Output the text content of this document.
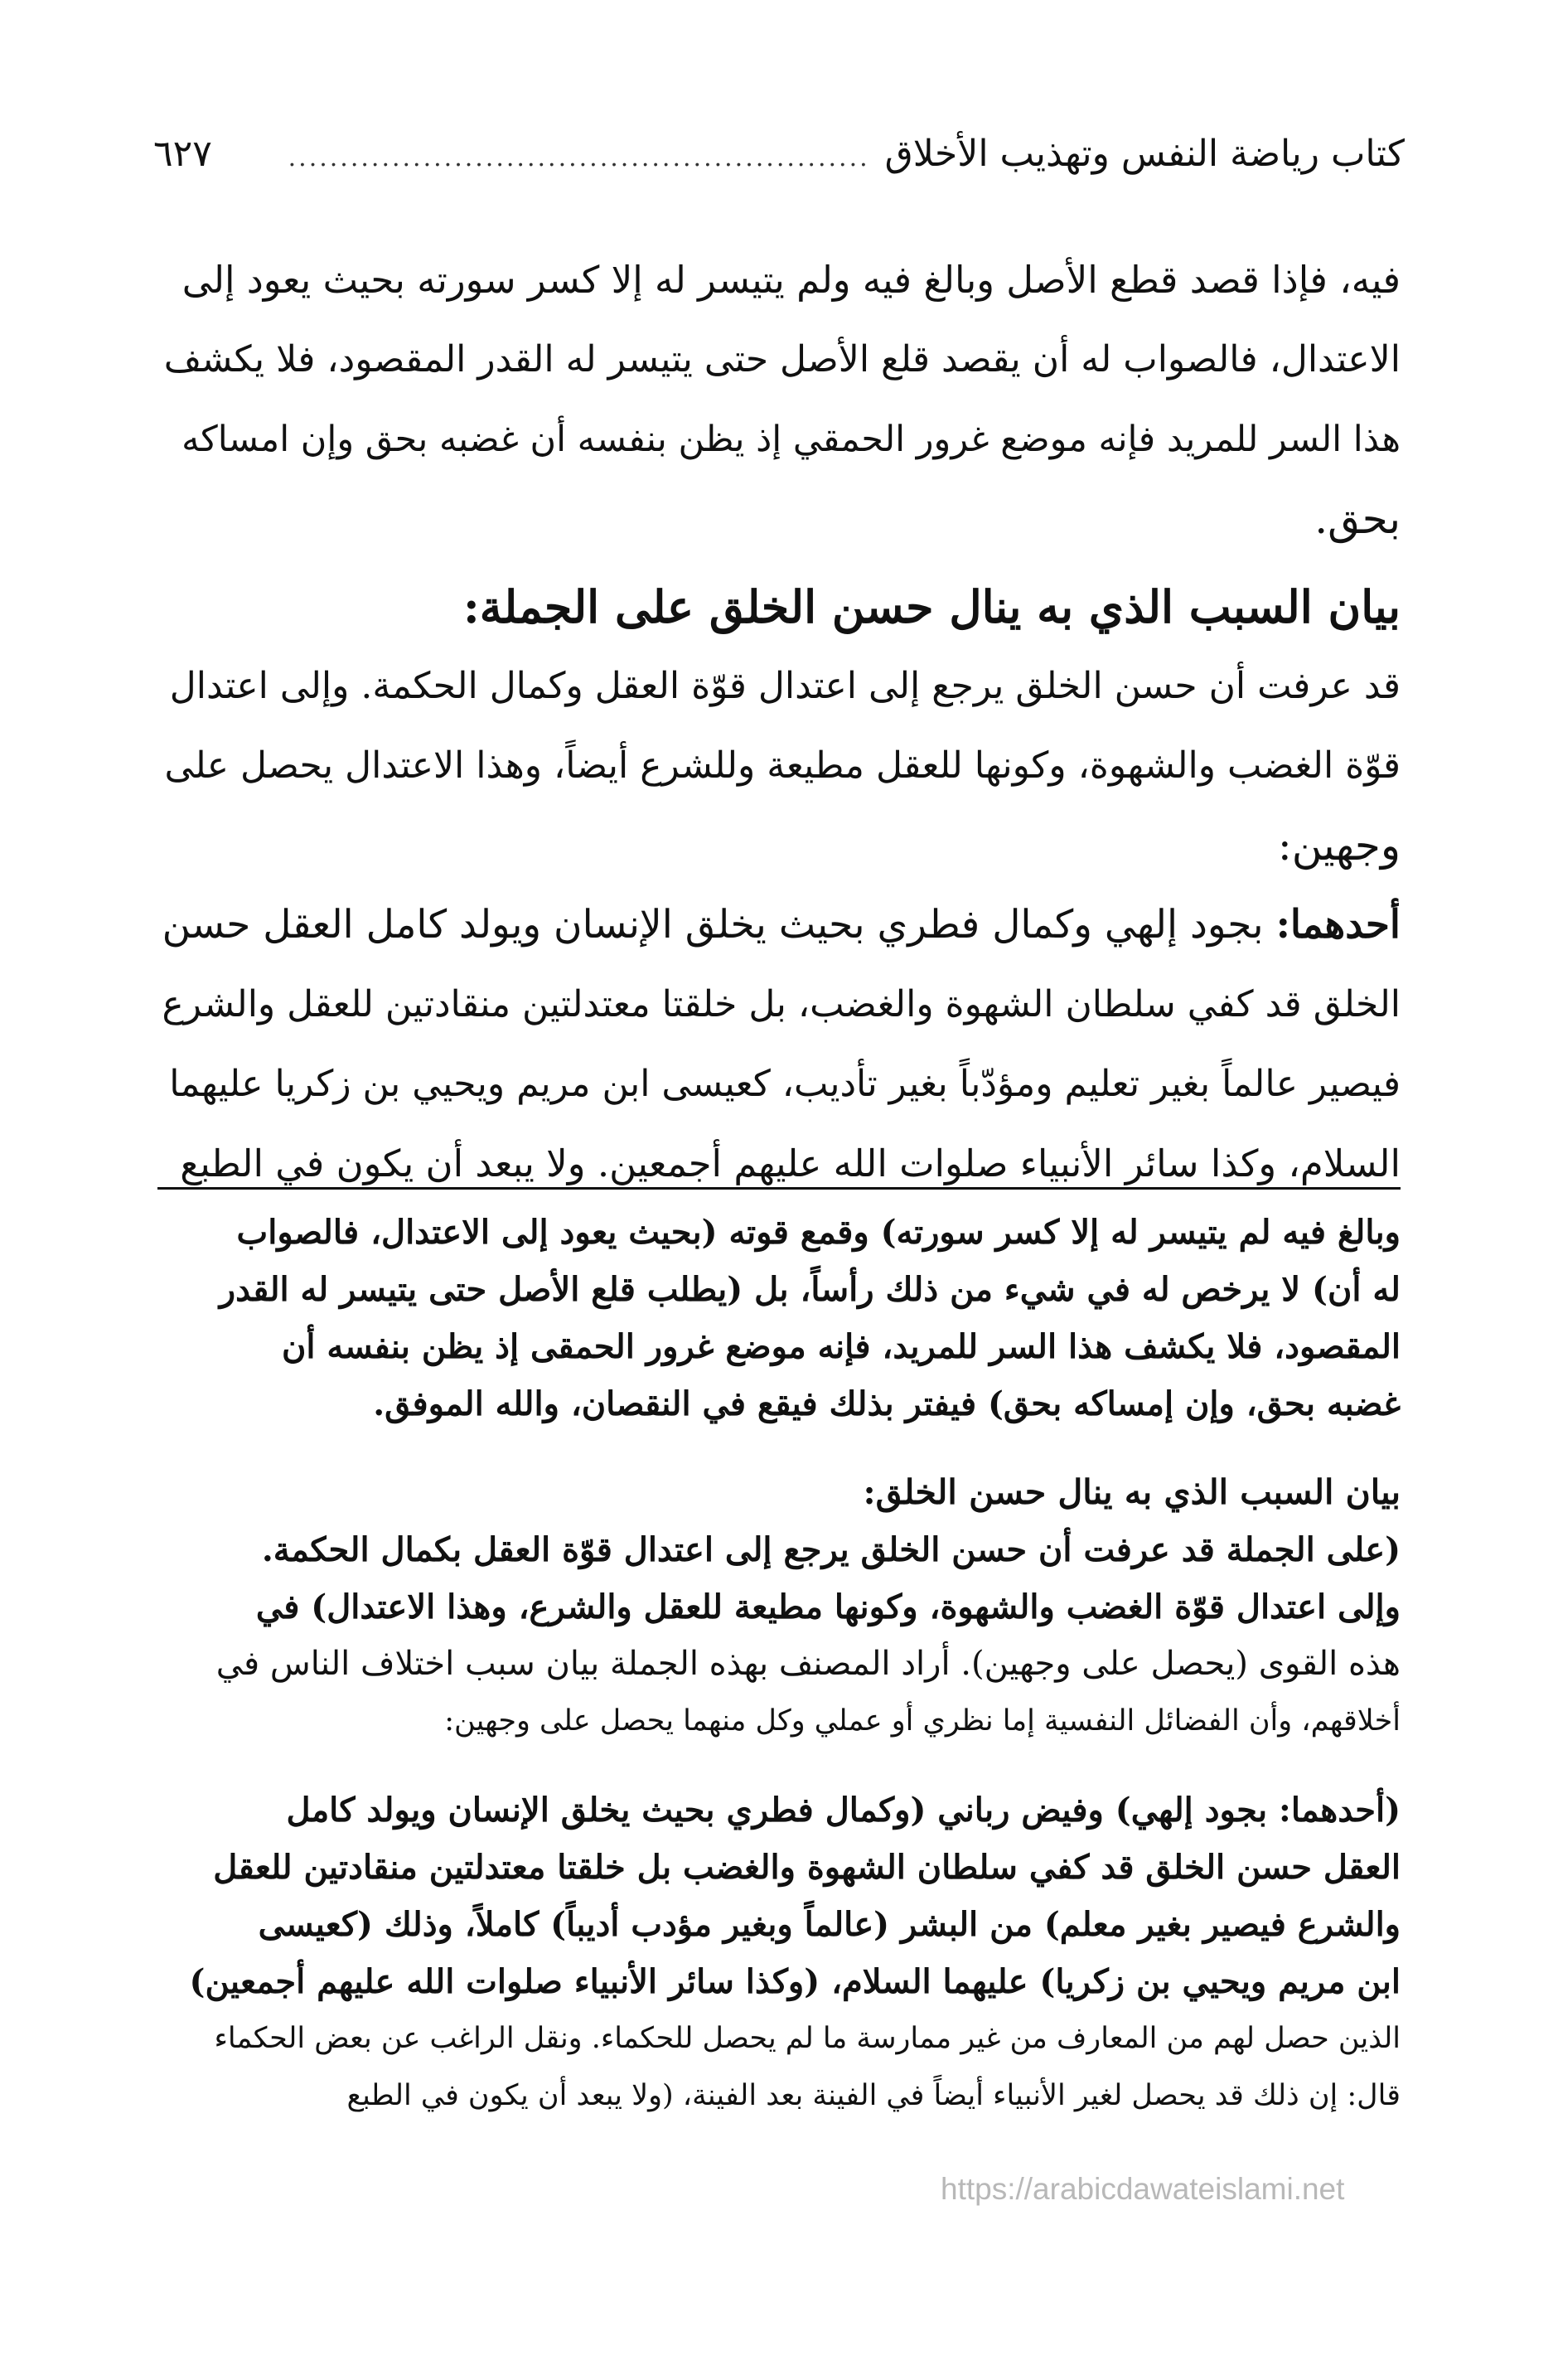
كتاب رياضة النفس وتهذيب الأخلاق
........................................................
٦٢٧
فيه، فإذا قصد قطع الأصل وبالغ فيه ولم يتيسر له إلا كسر سورته بحيث يعود إلى
الاعتدال، فالصواب له أن يقصد قلع الأصل حتى يتيسر له القدر المقصود، فلا يكشف
هذا السر للمريد فإنه موضع غرور الحمقي إذ يظن بنفسه أن غضبه بحق وإن امساكه
بحق.
بيان السبب الذي به ينال حسن الخلق على الجملة:
قد عرفت أن حسن الخلق يرجع إلى اعتدال قوّة العقل وكمال الحكمة. وإلى اعتدال
قوّة الغضب والشهوة، وكونها للعقل مطيعة وللشرع أيضاً، وهذا الاعتدال يحصل على
وجهين:
أحدهما: بجود إلهي وكمال فطري بحيث يخلق الإنسان ويولد كامل العقل حسن
الخلق قد كفي سلطان الشهوة والغضب، بل خلقتا معتدلتين منقادتين للعقل والشرع
فيصير عالماً بغير تعليم ومؤدّباً بغير تأديب، كعيسى ابن مريم ويحيي بن زكريا عليهما
السلام، وكذا سائر الأنبياء صلوات الله عليهم أجمعين. ولا يبعد أن يكون في الطبع
وبالغ فيه لم يتيسر له إلا كسر سورته) وقمع قوته (بحيث يعود إلى الاعتدال، فالصواب
له أن) لا يرخص له في شيء من ذلك رأساً، بل (يطلب قلع الأصل حتى يتيسر له القدر
المقصود، فلا يكشف هذا السر للمريد، فإنه موضع غرور الحمقى إذ يظن بنفسه أن
غضبه بحق، وإن إمساكه بحق) فيفتر بذلك فيقع في النقصان، والله الموفق.
بيان السبب الذي به ينال حسن الخلق:
(على الجملة قد عرفت أن حسن الخلق يرجع إلى اعتدال قوّة العقل بكمال الحكمة.
وإلى اعتدال قوّة الغضب والشهوة، وكونها مطيعة للعقل والشرع، وهذا الاعتدال) في
هذه القوى (يحصل على وجهين). أراد المصنف بهذه الجملة بيان سبب اختلاف الناس في
أخلاقهم، وأن الفضائل النفسية إما نظري أو عملي وكل منهما يحصل على وجهين:
(أحدهما: بجود إلهي) وفيض رباني (وكمال فطري بحيث يخلق الإنسان ويولد كامل
العقل حسن الخلق قد كفي سلطان الشهوة والغضب بل خلقتا معتدلتين منقادتين للعقل
والشرع فيصير بغير معلم) من البشر (عالماً وبغير مؤدب أديباً) كاملاً، وذلك (كعيسى
ابن مريم ويحيي بن زكريا) عليهما السلام، (وكذا سائر الأنبياء صلوات الله عليهم أجمعين)
الذين حصل لهم من المعارف من غير ممارسة ما لم يحصل للحكماء. ونقل الراغب عن بعض الحكماء
قال: إن ذلك قد يحصل لغير الأنبياء أيضاً في الفينة بعد الفينة، (ولا يبعد أن يكون في الطبع
https://arabicdawateislami.net
